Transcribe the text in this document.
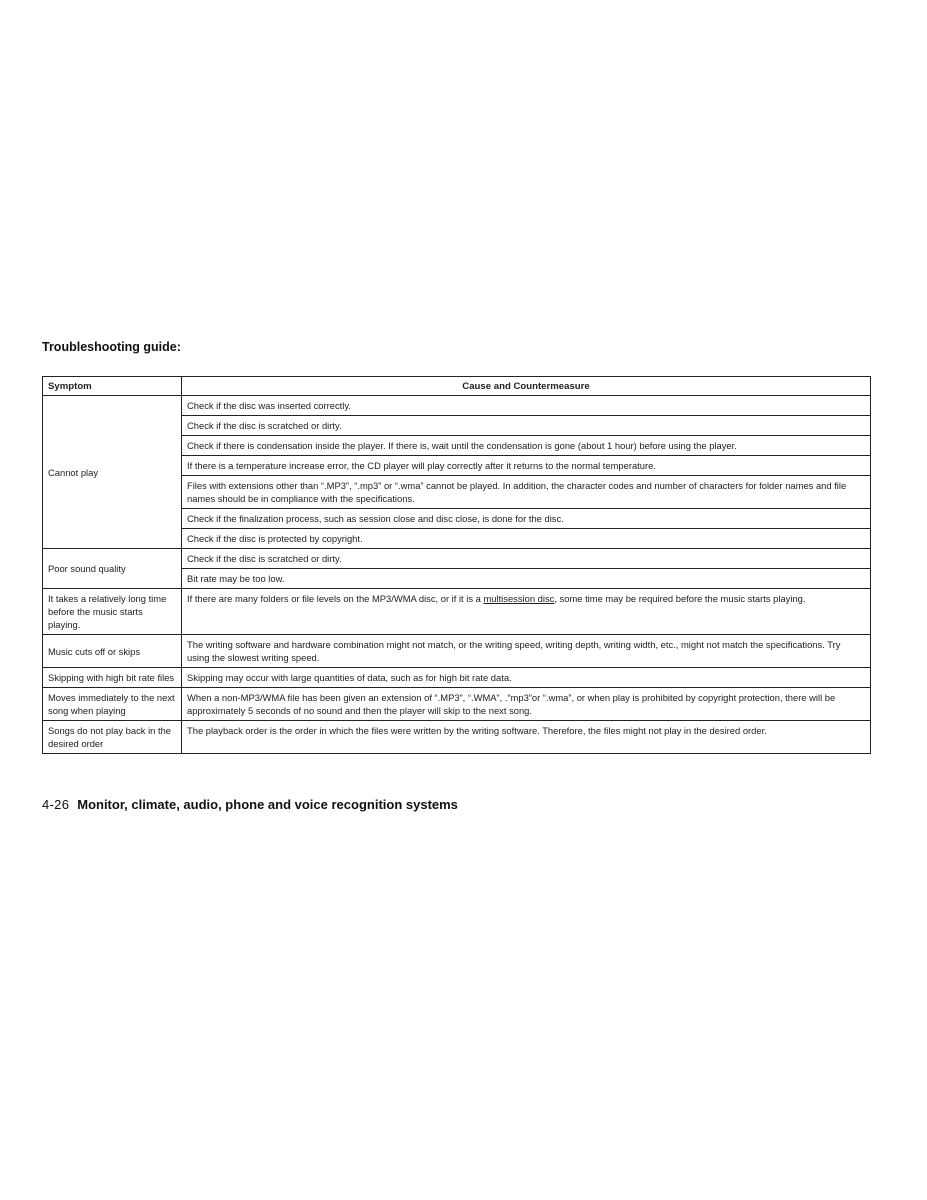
Troubleshooting guide:
Symptom	Cause and Countermeasure
Cannot play	Check if the disc was inserted correctly.
	Check if the disc is scratched or dirty.
	Check if there is condensation inside the player. If there is, wait until the condensation is gone (about 1 hour) before using the player.
	If there is a temperature increase error, the CD player will play correctly after it returns to the normal temperature.
	Files with extensions other than “.MP3”, “.mp3” or “.wma” cannot be played. In addition, the character codes and number of characters for folder names and file names should be in compliance with the specifications.
	Check if the finalization process, such as session close and disc close, is done for the disc.
	Check if the disc is protected by copyright.
Poor sound quality	Check if the disc is scratched or dirty.
	Bit rate may be too low.
It takes a relatively long time before the music starts playing.	If there are many folders or file levels on the MP3/WMA disc, or if it is a multisession disc, some time may be required before the music starts playing.
Music cuts off or skips	The writing software and hardware combination might not match, or the writing speed, writing depth, writing width, etc., might not match the specifications. Try using the slowest writing speed.
Skipping with high bit rate files	Skipping may occur with large quantities of data, such as for high bit rate data.
Moves immediately to the next song when playing	When a non-MP3/WMA file has been given an extension of “.MP3”, “.WMA”, .“mp3”or “.wma”, or when play is prohibited by copyright protection, there will be approximately 5 seconds of no sound and then the player will skip to the next song.
Songs do not play back in the desired order	The playback order is the order in which the files were written by the writing software. Therefore, the files might not play in the desired order.
4-26 Monitor, climate, audio, phone and voice recognition systems
